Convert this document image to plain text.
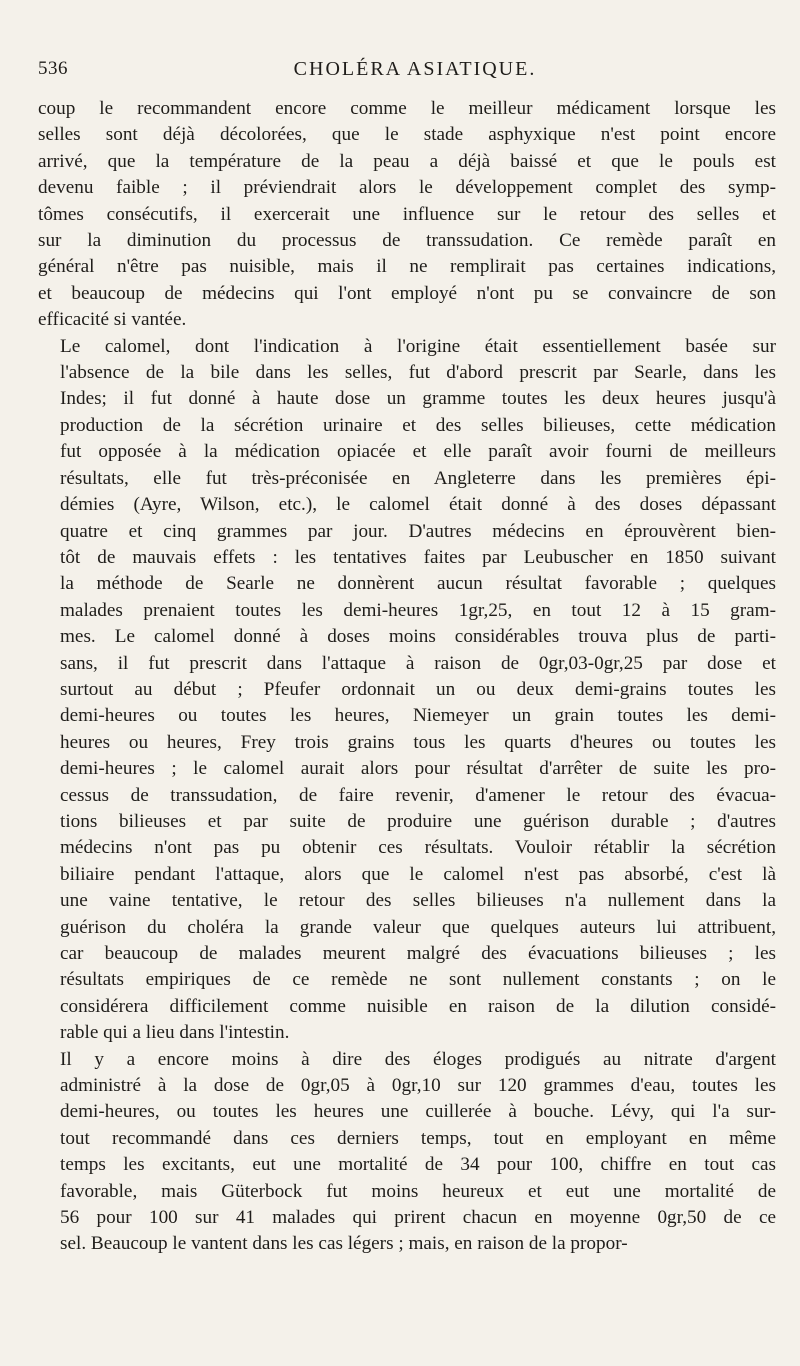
536	CHOLÉRA ASIATIQUE.

coup le recommandent encore comme le meilleur médicament lorsque les
selles sont déjà décolorées, que le stade asphyxique n'est point encore
arrivé, que la température de la peau a déjà baissé et que le pouls est
devenu faible ; il préviendrait alors le développement complet des symp-
tômes consécutifs, il exercerait une influence sur le retour des selles et
sur la diminution du processus de transsudation. Ce remède paraît en
général n'être pas nuisible, mais il ne remplirait pas certaines indications,
et beaucoup de médecins qui l'ont employé n'ont pu se convaincre de son
efficacité si vantée.

Le calomel, dont l'indication à l'origine était essentiellement basée sur
l'absence de la bile dans les selles, fut d'abord prescrit par Searle, dans les
Indes; il fut donné à haute dose un gramme toutes les deux heures jusqu'à
production de la sécrétion urinaire et des selles bilieuses, cette médication
fut opposée à la médication opiacée et elle paraît avoir fourni de meilleurs
résultats, elle fut très-préconisée en Angleterre dans les premières épi-
démies (Ayre, Wilson, etc.), le calomel était donné à des doses dépassant
quatre et cinq grammes par jour. D'autres médecins en éprouvèrent bien-
tôt de mauvais effets : les tentatives faites par Leubuscher en 1850 suivant
la méthode de Searle ne donnèrent aucun résultat favorable ; quelques
malades prenaient toutes les demi-heures 1gr,25, en tout 12 à 15 gram-
mes. Le calomel donné à doses moins considérables trouva plus de parti-
sans, il fut prescrit dans l'attaque à raison de 0gr,03-0gr,25 par dose et
surtout au début ; Pfeufer ordonnait un ou deux demi-grains toutes les
demi-heures ou toutes les heures, Niemeyer un grain toutes les demi-
heures ou heures, Frey trois grains tous les quarts d'heures ou toutes les
demi-heures ; le calomel aurait alors pour résultat d'arrêter de suite les pro-
cessus de transsudation, de faire revenir, d'amener le retour des évacua-
tions bilieuses et par suite de produire une guérison durable ; d'autres
médecins n'ont pas pu obtenir ces résultats. Vouloir rétablir la sécrétion
biliaire pendant l'attaque, alors que le calomel n'est pas absorbé, c'est là
une vaine tentative, le retour des selles bilieuses n'a nullement dans la
guérison du choléra la grande valeur que quelques auteurs lui attribuent,
car beaucoup de malades meurent malgré des évacuations bilieuses ; les
résultats empiriques de ce remède ne sont nullement constants ; on le
considérera difficilement comme nuisible en raison de la dilution considé-
rable qui a lieu dans l'intestin.

Il y a encore moins à dire des éloges prodigués au nitrate d'argent
administré à la dose de 0gr,05 à 0gr,10 sur 120 grammes d'eau, toutes les
demi-heures, ou toutes les heures une cuillerée à bouche. Lévy, qui l'a sur-
tout recommandé dans ces derniers temps, tout en employant en même
temps les excitants, eut une mortalité de 34 pour 100, chiffre en tout cas
favorable, mais Güterbock fut moins heureux et eut une mortalité de
56 pour 100 sur 41 malades qui prirent chacun en moyenne 0gr,50 de ce
sel. Beaucoup le vantent dans les cas légers ; mais, en raison de la propor-
